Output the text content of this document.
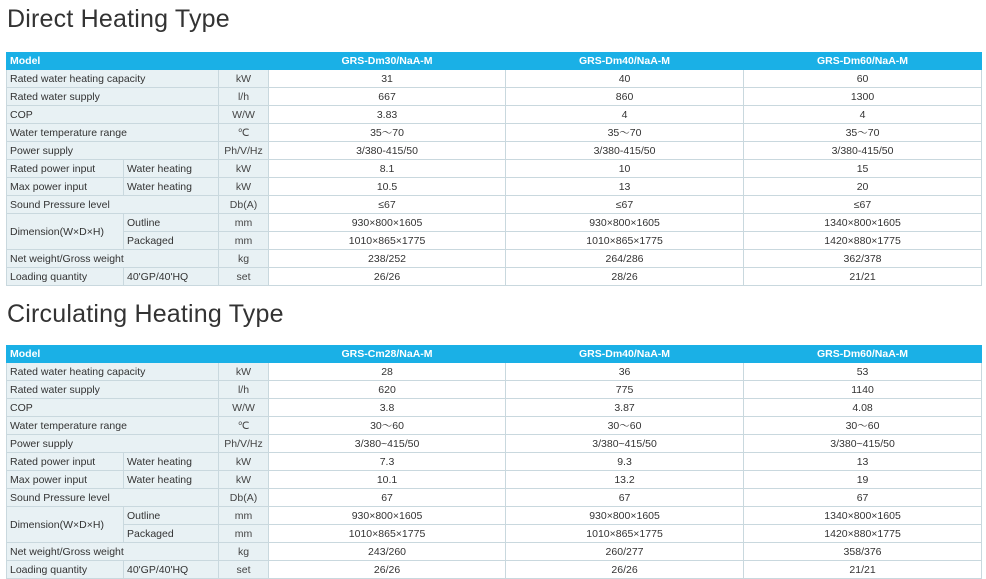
Direct Heating Type
Model			GRS-Dm30/NaA-M	GRS-Dm40/NaA-M	GRS-Dm60/NaA-M
Rated water heating capacity		kW	31	40	60
Rated water supply		l/h	667	860	1300
COP		W/W	3.83	4	4
Water temperature range		℃	35～70	35～70	35～70
Power supply		Ph/V/Hz	3/380-415/50	3/380-415/50	3/380-415/50
Rated power input	Water heating	kW	8.1	10	15
Max power input	Water heating	kW	10.5	13	20
Sound Pressure level		Db(A)	≤67	≤67	≤67
Dimension(W×D×H)	Outline	mm	930×800×1605	930×800×1605	1340×800×1605
	Packaged	mm	1010×865×1775	1010×865×1775	1420×880×1775
Net weight/Gross weight		kg	238/252	264/286	362/378
Loading quantity	40'GP/40'HQ	set	26/26	28/26	21/21
Circulating Heating Type
Model			GRS-Cm28/NaA-M	GRS-Dm40/NaA-M	GRS-Dm60/NaA-M
Rated water heating capacity		kW	28	36	53
Rated water supply		l/h	620	775	1140
COP		W/W	3.8	3.87	4.08
Water temperature range		℃	30～60	30～60	30～60
Power supply		Ph/V/Hz	3/380~415/50	3/380~415/50	3/380~415/50
Rated power input	Water heating	kW	7.3	9.3	13
Max power input	Water heating	kW	10.1	13.2	19
Sound Pressure level		Db(A)	67	67	67
Dimension(W×D×H)	Outline	mm	930×800×1605	930×800×1605	1340×800×1605
	Packaged	mm	1010×865×1775	1010×865×1775	1420×880×1775
Net weight/Gross weight		kg	243/260	260/277	358/376
Loading quantity	40'GP/40'HQ	set	26/26	26/26	21/21
